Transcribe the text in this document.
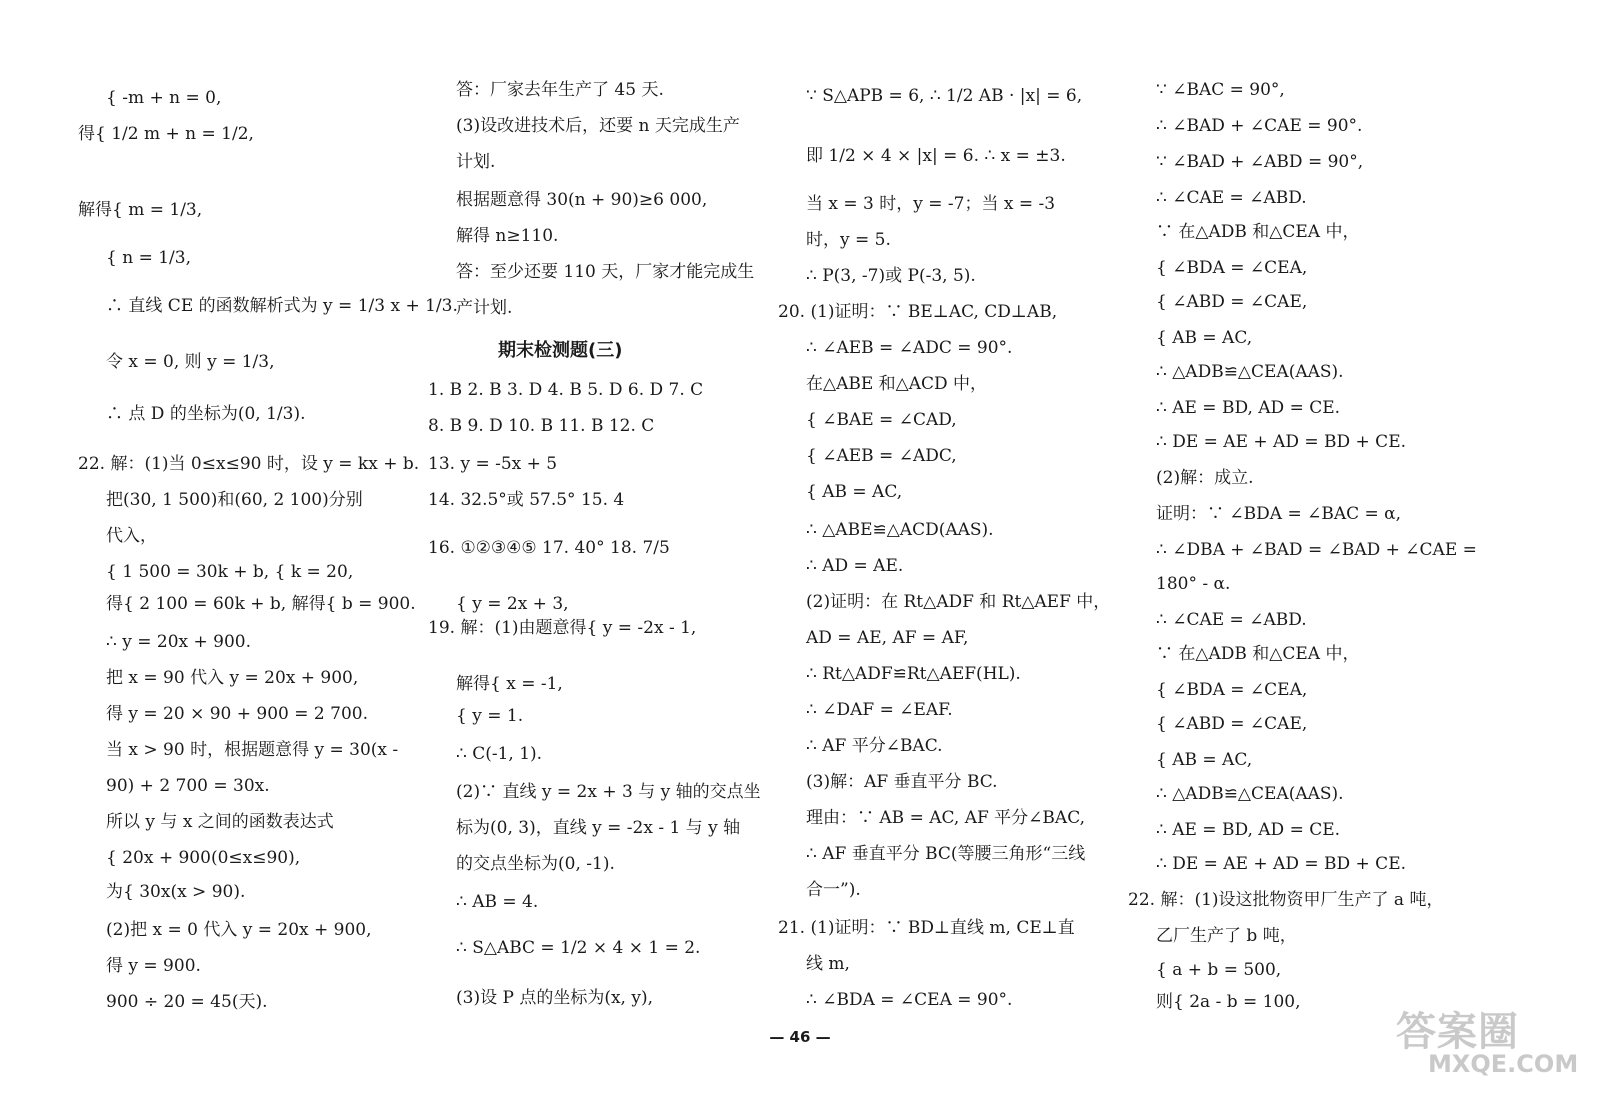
{ -m + n = 0,
得{ 1/2 m + n = 1/2,
解得{ m = 1/3,
{ n = 1/3,
∴ 直线 CE 的函数解析式为 y = 1/3 x + 1/3.
令 x = 0, 则 y = 1/3,
∴ 点 D 的坐标为(0, 1/3).
22. 解：(1)当 0≤x≤90 时，设 y = kx + b.
把(30, 1 500)和(60, 2 100)分别
代入，
{ 1 500 = 30k + b, { k = 20,
得{ 2 100 = 60k + b, 解得{ b = 900.
∴ y = 20x + 900.
把 x = 90 代入 y = 20x + 900,
得 y = 20 × 90 + 900 = 2 700.
当 x > 90 时，根据题意得 y = 30(x -
90) + 2 700 = 30x.
所以 y 与 x 之间的函数表达式
{ 20x + 900(0≤x≤90),
为{ 30x(x > 90).
(2)把 x = 0 代入 y = 20x + 900,
得 y = 900.
900 ÷ 20 = 45(天).
答：厂家去年生产了 45 天.
(3)设改进技术后，还要 n 天完成生产
计划.
根据题意得 30(n + 90)≥6 000,
解得 n≥110.
答：至少还要 110 天，厂家才能完成生
产计划.
期末检测题(三)
1. B 2. B 3. D 4. B 5. D 6. D 7. C
8. B 9. D 10. B 11. B 12. C
13. y = -5x + 5
14. 32.5°或 57.5° 15. 4
16. ①②③④⑤ 17. 40° 18. 7/5
{ y = 2x + 3,
19. 解：(1)由题意得{ y = -2x - 1,
解得{ x = -1,
{ y = 1.
∴ C(-1, 1).
(2)∵ 直线 y = 2x + 3 与 y 轴的交点坐
标为(0, 3)，直线 y = -2x - 1 与 y 轴
的交点坐标为(0, -1).
∴ AB = 4.
∴ S△ABC = 1/2 × 4 × 1 = 2.
(3)设 P 点的坐标为(x, y),
∵ S△APB = 6, ∴ 1/2 AB · |x| = 6,
即 1/2 × 4 × |x| = 6. ∴ x = ±3.
当 x = 3 时，y = -7；当 x = -3
时，y = 5.
∴ P(3, -7)或 P(-3, 5).
20. (1)证明：∵ BE⊥AC, CD⊥AB,
∴ ∠AEB = ∠ADC = 90°.
在△ABE 和△ACD 中，
{ ∠BAE = ∠CAD,
{ ∠AEB = ∠ADC,
{ AB = AC,
∴ △ABE≌△ACD(AAS).
∴ AD = AE.
(2)证明：在 Rt△ADF 和 Rt△AEF 中，
AD = AE, AF = AF,
∴ Rt△ADF≌Rt△AEF(HL).
∴ ∠DAF = ∠EAF.
∴ AF 平分∠BAC.
(3)解：AF 垂直平分 BC.
理由：∵ AB = AC, AF 平分∠BAC,
∴ AF 垂直平分 BC(等腰三角形“三线
合一”).
21. (1)证明：∵ BD⊥直线 m, CE⊥直
线 m,
∴ ∠BDA = ∠CEA = 90°.
∵ ∠BAC = 90°,
∴ ∠BAD + ∠CAE = 90°.
∵ ∠BAD + ∠ABD = 90°,
∴ ∠CAE = ∠ABD.
∵ 在△ADB 和△CEA 中，
{ ∠BDA = ∠CEA,
{ ∠ABD = ∠CAE,
{ AB = AC,
∴ △ADB≌△CEA(AAS).
∴ AE = BD, AD = CE.
∴ DE = AE + AD = BD + CE.
(2)解：成立.
证明：∵ ∠BDA = ∠BAC = α,
∴ ∠DBA + ∠BAD = ∠BAD + ∠CAE =
180° - α.
∴ ∠CAE = ∠ABD.
∵ 在△ADB 和△CEA 中，
{ ∠BDA = ∠CEA,
{ ∠ABD = ∠CAE,
{ AB = AC,
∴ △ADB≌△CEA(AAS).
∴ AE = BD, AD = CE.
∴ DE = AE + AD = BD + CE.
22. 解：(1)设这批物资甲厂生产了 a 吨，
乙厂生产了 b 吨，
{ a + b = 500,
则{ 2a - b = 100,
— 46 —	答案圈
MXQE.COM
